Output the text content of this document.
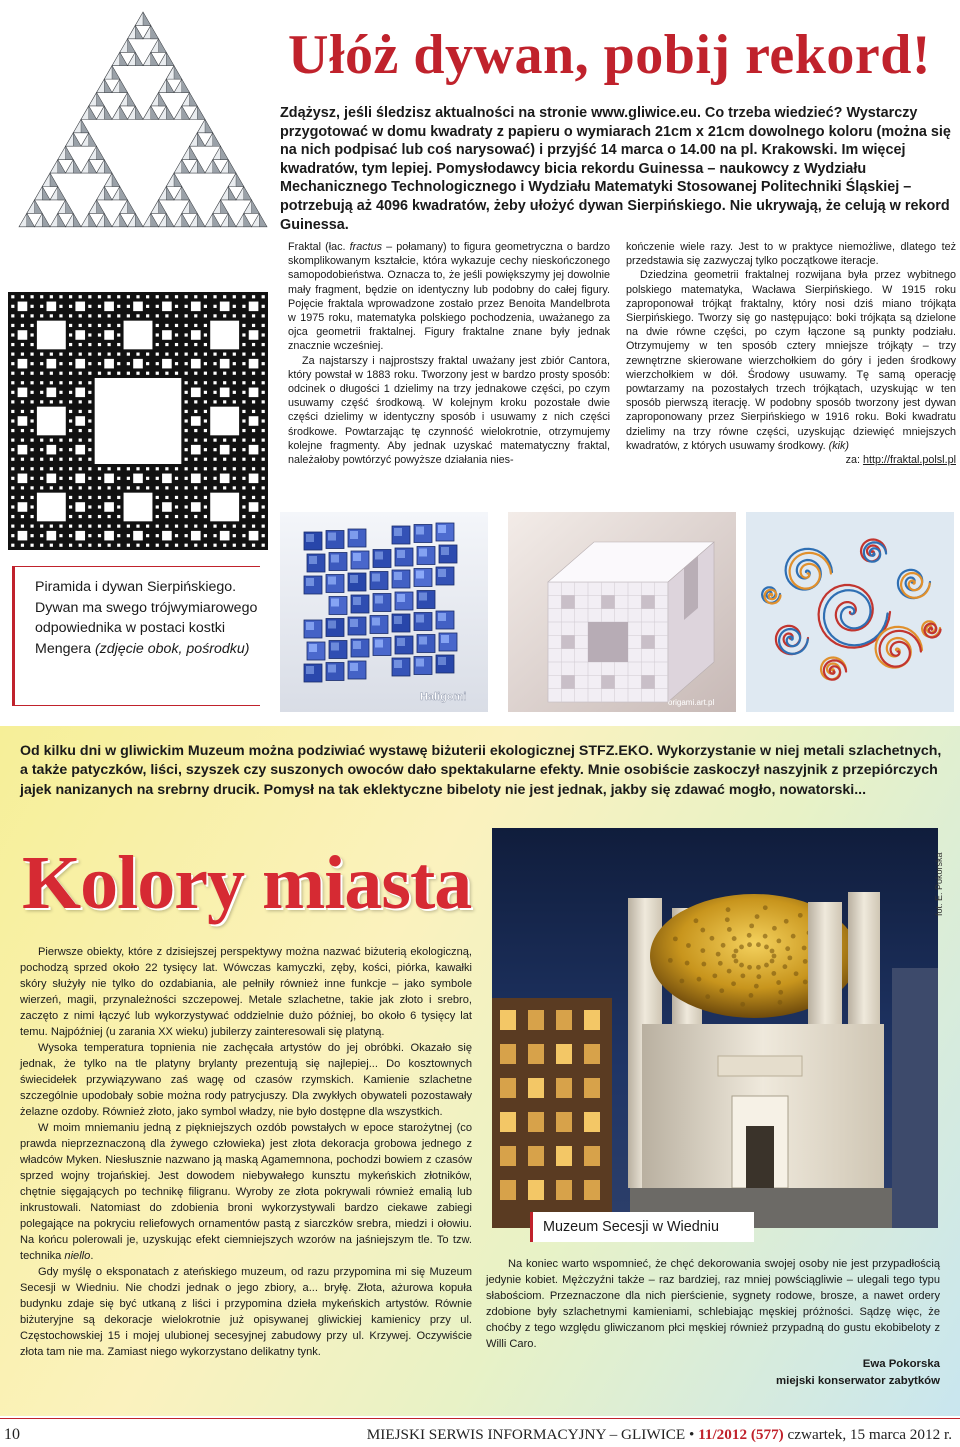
Ułóż dywan, pobij rekord!
Zdążysz, jeśli śledzisz aktualności na stronie www.gliwice.eu. Co trzeba wiedzieć? Wystarczy przygotować w domu kwadraty z papieru o wymiarach 21cm x 21cm dowolnego koloru (można się na nich podpisać lub coś narysować) i przyjść 14 marca o 14.00 na pl. Krakowski. Im więcej kwadratów, tym lepiej. Pomysłodawcy bicia rekordu Guinessa – naukowcy z Wydziału Mechanicznego Technologicznego i Wydziału Matematyki Stosowanej Politechniki Śląskiej – potrzebują aż 4096 kwadratów, żeby ułożyć dywan Sierpińskiego. Nie ukrywają, że celują w rekord Guinessa.

Fraktal (łac. fractus – połamany) to figura geometryczna o bardzo skomplikowanym kształcie, która wykazuje cechy nieskończonego samopodobieństwa. Oznacza to, że jeśli powiększymy jej dowolnie mały fragment, będzie on identyczny lub podobny do całej figury. Pojęcie fraktala wprowadzone zostało przez Benoita Mandelbrota w 1975 roku, matematyka polskiego pochodzenia, uważanego za ojca geometrii fraktalnej. Figury fraktalne znane były jednak znacznie wcześniej.

Za najstarszy i najprostszy fraktal uważany jest zbiór Cantora, który powstał w 1883 roku. Tworzony jest w bardzo prosty sposób: odcinek o długości 1 dzielimy na trzy jednakowe części, po czym usuwamy część środkową. W kolejnym kroku pozostałe dwie części dzielimy w identyczny sposób i usuwamy z nich części środkowe. Powtarzając tę czynność wielokrotnie, otrzymujemy kolejne fragmenty. Aby jednak uzyskać matematyczny fraktal, należałoby powtórzyć powyższe działania nies-

kończenie wiele razy. Jest to w praktyce niemożliwe, dlatego też przedstawia się zazwyczaj tylko początkowe iteracje.

Dziedzina geometrii fraktalnej rozwijana była przez wybitnego polskiego matematyka, Wacława Sierpińskiego. W 1915 roku zaproponował trójkąt fraktalny, który nosi dziś miano trójkąta Sierpińskiego. Tworzy się go następująco: boki trójkąta są dzielone na dwie równe części, po czym łączone są punkty podziału. Otrzymujemy w ten sposób cztery mniejsze trójkąty – trzy zewnętrzne skierowane wierzchołkiem do góry i jeden środkowy wierzchołkiem w dół. Środowy usuwamy. Tę samą operację powtarzamy na pozostałych trzech trójkątach, uzyskując w ten sposób pierwszą iterację. W podobny sposób tworzony jest dywan zaproponowany przez Sierpińskiego w 1916 roku. Boki kwadratu dzielimy na trzy równe części, uzyskując dziewięć mniejszych kwadratów, z których usuwamy środkowy. (kik)

za: http://fraktal.polsl.pl

Piramida i dywan Sierpińskiego. Dywan ma swego trójwymiarowego odpowiednika w postaci kostki Mengera (zdjęcie obok, pośrodku)
Haligomi	origami.art.pl
Od kilku dni w gliwickim Muzeum można podziwiać wystawę biżuterii ekologicznej STFZ.EKO. Wykorzystanie w niej metali szlachetnych, a także patyczków, liści, szyszek czy suszonych owoców dało spektakularne efekty. Mnie osobiście zaskoczył naszyjnik z przepiórczych jajek nanizanych na srebrny drucik. Pomysł na tak eklektyczne bibeloty nie jest jednak, jakby się zdawać mogło, nowatorski...
Kolory miasta

Pierwsze obiekty, które z dzisiejszej perspektywy można nazwać biżuterią ekologiczną, pochodzą sprzed około 22 tysięcy lat. Wówczas kamyczki, zęby, kości, piórka, kawałki skóry służyły nie tylko do ozdabiania, ale pełniły również inne funkcje – jako symbole wierzeń, magii, przynależności szczepowej. Metale szlachetne, takie jak złoto i srebro, zaczęto z nimi łączyć lub wykorzystywać oddzielnie dużo później, bo około 6 tysięcy lat temu. Najpóźniej (u zarania XX wieku) jubilerzy zainteresowali się platyną.

Wysoka temperatura topnienia nie zachęcała artystów do jej obróbki. Okazało się jednak, że tylko na tle platyny brylanty prezentują się najlepiej... Do kosztownych świecidełek przywiązywano zaś wagę od czasów rzymskich. Kamienie szlachetne szczególnie upodobały sobie można rody patrycjuszy. Dla zwykłych obywateli pozostawały żelazne ozdoby. Również złoto, jako symbol władzy, nie było dostępne dla wszystkich.

W moim mniemaniu jedną z piękniejszych ozdób powstałych w epoce starożytnej (co prawda nieprzeznaczoną dla żywego człowieka) jest złota dekoracja grobowa jednego z władców Myken. Niesłusznie nazwano ją maską Agamemnona, pochodzi bowiem z czasów sprzed wojny trojańskiej. Jest dowodem niebywałego kunsztu mykeńskich złotników, chętnie sięgających po technikę filigranu. Wyroby ze złota pokrywali również emalią lub inkrustowali. Natomiast do zdobienia broni wykorzystywali bardzo ciekawe zabiegi polegające na pokryciu reliefowych ornamentów pastą z siarczków srebra, miedzi i ołowiu. Na końcu polerowali je, uzyskując efekt ciemniejszych wzorów na jaśniejszym tle. To tzw. technika niello.

Gdy myślę o eksponatach z ateńskiego muzeum, od razu przypomina mi się Muzeum Secesji w Wiedniu. Nie chodzi jednak o jego zbiory, a... bryłę. Złota, ażurowa kopuła budynku zdaje się być utkaną z liści i przypomina dzieła mykeńskich artystów. Równie biżuteryjne są dekoracje wielokrotnie już opisywanej gliwickiej kamienicy przy ul. Częstochowskiej 15 i mojej ulubionej secesyjnej zabudowy przy ul. Krzywej. Oczywiście złota tam nie ma. Zamiast niego wykorzystano delikatny tynk.

fot. E. Pokorska
Muzeum Secesji w Wiedniu

Na koniec warto wspomnieć, że chęć dekorowania swojej osoby nie jest przypadłością jedynie kobiet. Mężczyźni także – raz bardziej, raz mniej powściągliwie – ulegali tego typu słabościom. Przeznaczone dla nich pierścienie, sygnety rodowe, brosze, a nawet ordery zdobione były szlachetnymi kamieniami, schlebiając męskiej próżności. Sądzę więc, że choćby z tego względu gliwiczanom płci męskiej również przypadną do gustu ekobibeloty z Willi Caro.

Ewa Pokorska
miejski konserwator zabytków
10	MIEJSKI SERWIS INFORMACYJNY – GLIWICE • 11/2012 (577) czwartek, 15 marca 2012 r.
